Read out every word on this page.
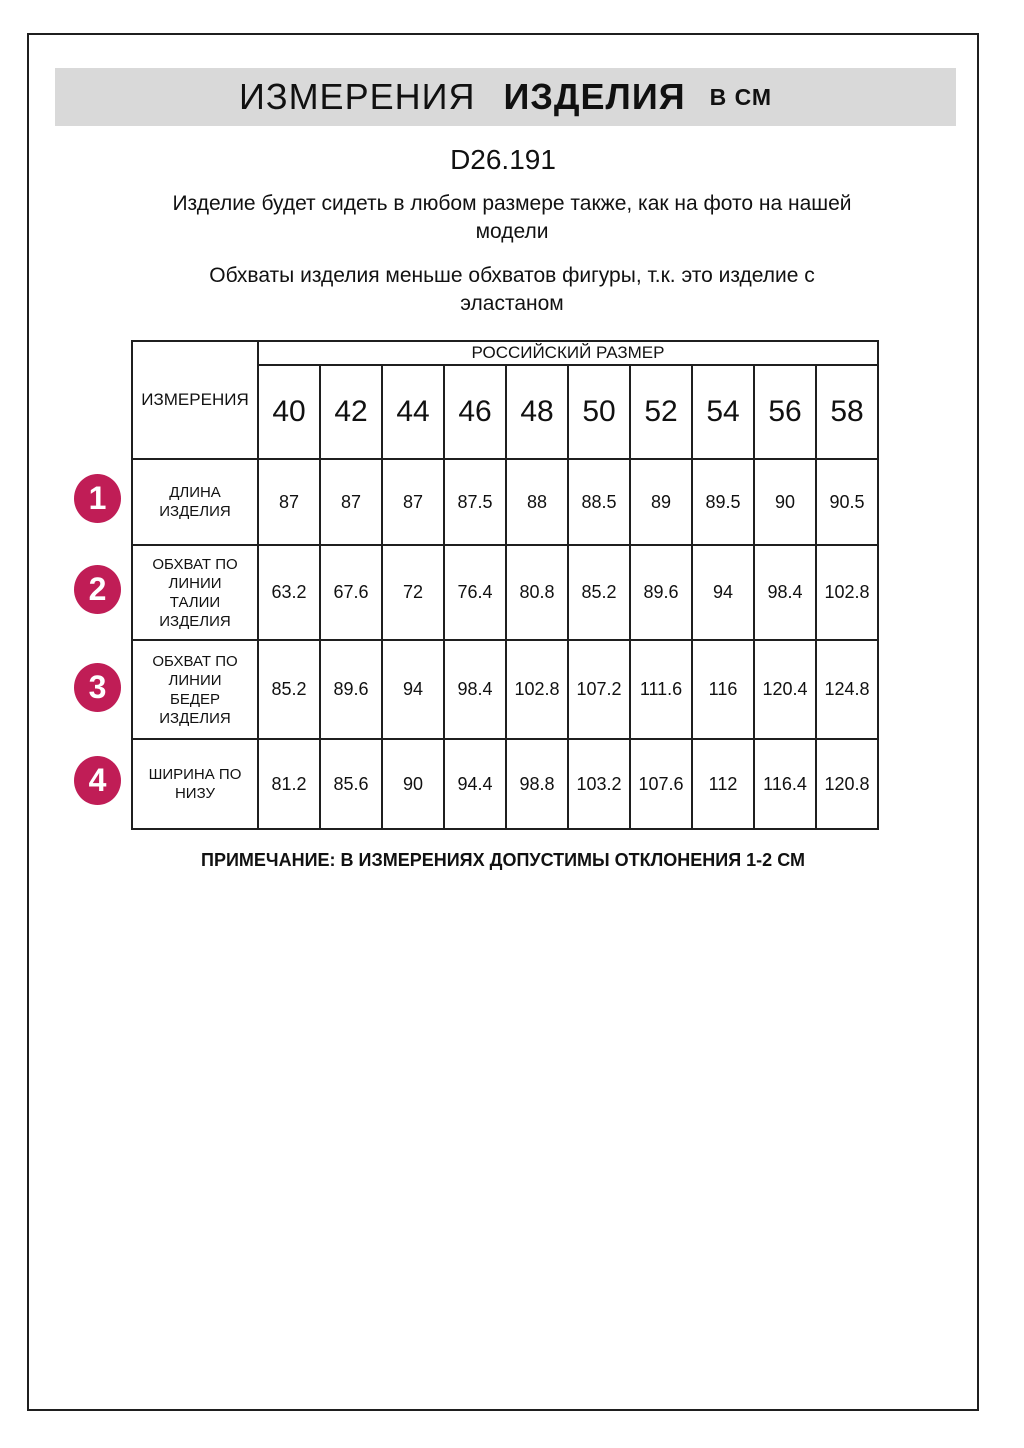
ИЗМЕРЕНИЯ ИЗДЕЛИЯ В СМ
D26.191

Изделие будет сидеть в любом размере также, как на фото на нашей
модели

Обхваты изделия меньше обхватов фигуры, т.к. это изделие с
эластаном

ИЗМЕРЕНИЯ	РОССИЙСКИЙ РАЗМЕР									
	40	42	44	46	48	50	52	54	56	58
ДЛИНА
ИЗДЕЛИЯ	87	87	87	87.5	88	88.5	89	89.5	90	90.5
ОБХВАТ ПО
ЛИНИИ
ТАЛИИ
ИЗДЕЛИЯ	63.2	67.6	72	76.4	80.8	85.2	89.6	94	98.4	102.8
ОБХВАТ ПО
ЛИНИИ
БЕДЕР
ИЗДЕЛИЯ	85.2	89.6	94	98.4	102.8	107.2	111.6	116	120.4	124.8
ШИРИНА ПО
НИЗУ	81.2	85.6	90	94.4	98.8	103.2	107.6	112	116.4	120.8
1
2
3
4
ПРИМЕЧАНИЕ: В ИЗМЕРЕНИЯХ ДОПУСТИМЫ ОТКЛОНЕНИЯ 1-2 СМ
